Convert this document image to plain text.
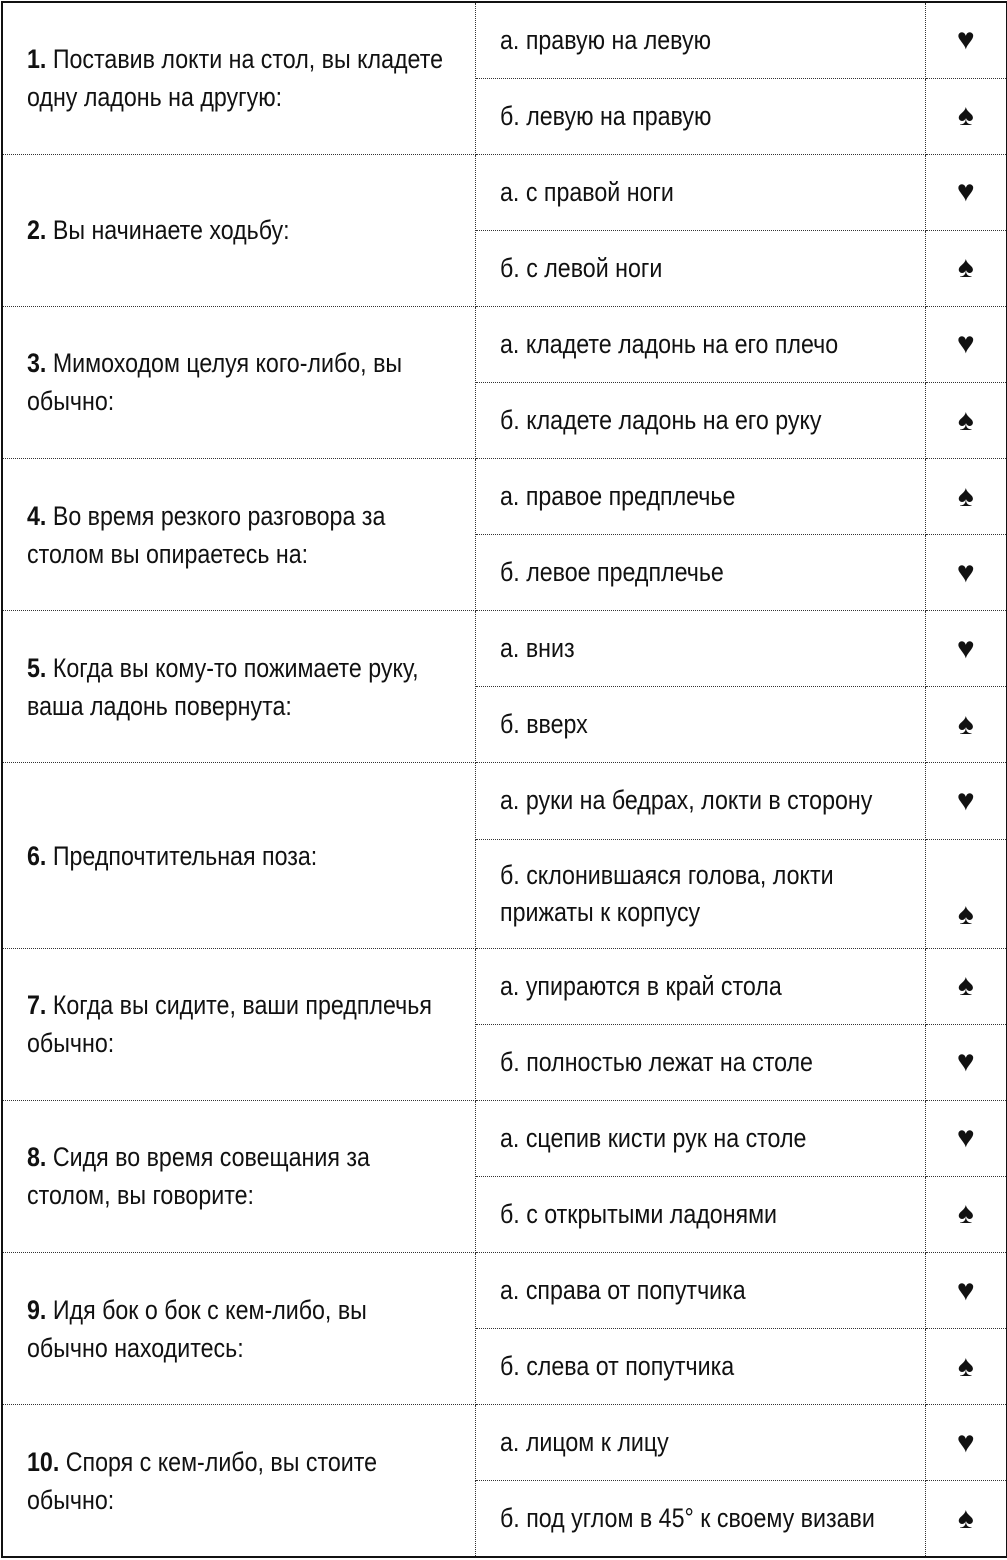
1. Поставив локти на стол, вы кладете одну ладонь на другую:	а. правую на левую	♥
	б. левую на правую	♠
2. Вы начинаете ходьбу:	а. с правой ноги	♥
	б. с левой ноги	♠
3. Мимоходом целуя кого-либо, вы обычно:	а. кладете ладонь на его плечо	♥
	б. кладете ладонь на его руку	♠
4. Во время резкого разговора за столом вы опираетесь на:	а. правое предплечье	♠
	б. левое предплечье	♥
5. Когда вы кому-то пожимаете руку, ваша ладонь повернута:	а. вниз	♥
	б. вверх	♠
6. Предпочтительная поза:	а. руки на бедрах, локти в сторону	♥
	б. склонившаяся голова, локти прижаты к корпусу	♠
7. Когда вы сидите, ваши предплечья обычно:	а. упираются в край стола	♠
	б. полностью лежат на столе	♥
8. Сидя во время совещания за столом, вы говорите:	а. сцепив кисти рук на столе	♥
	б. с открытыми ладонями	♠
9. Идя бок о бок с кем-либо, вы обычно находитесь:	а. справа от попутчика	♥
	б. слева от попутчика	♠
10. Споря с кем-либо, вы стоите обычно:	а. лицом к лицу	♥
	б. под углом в 45° к своему визави	♠
